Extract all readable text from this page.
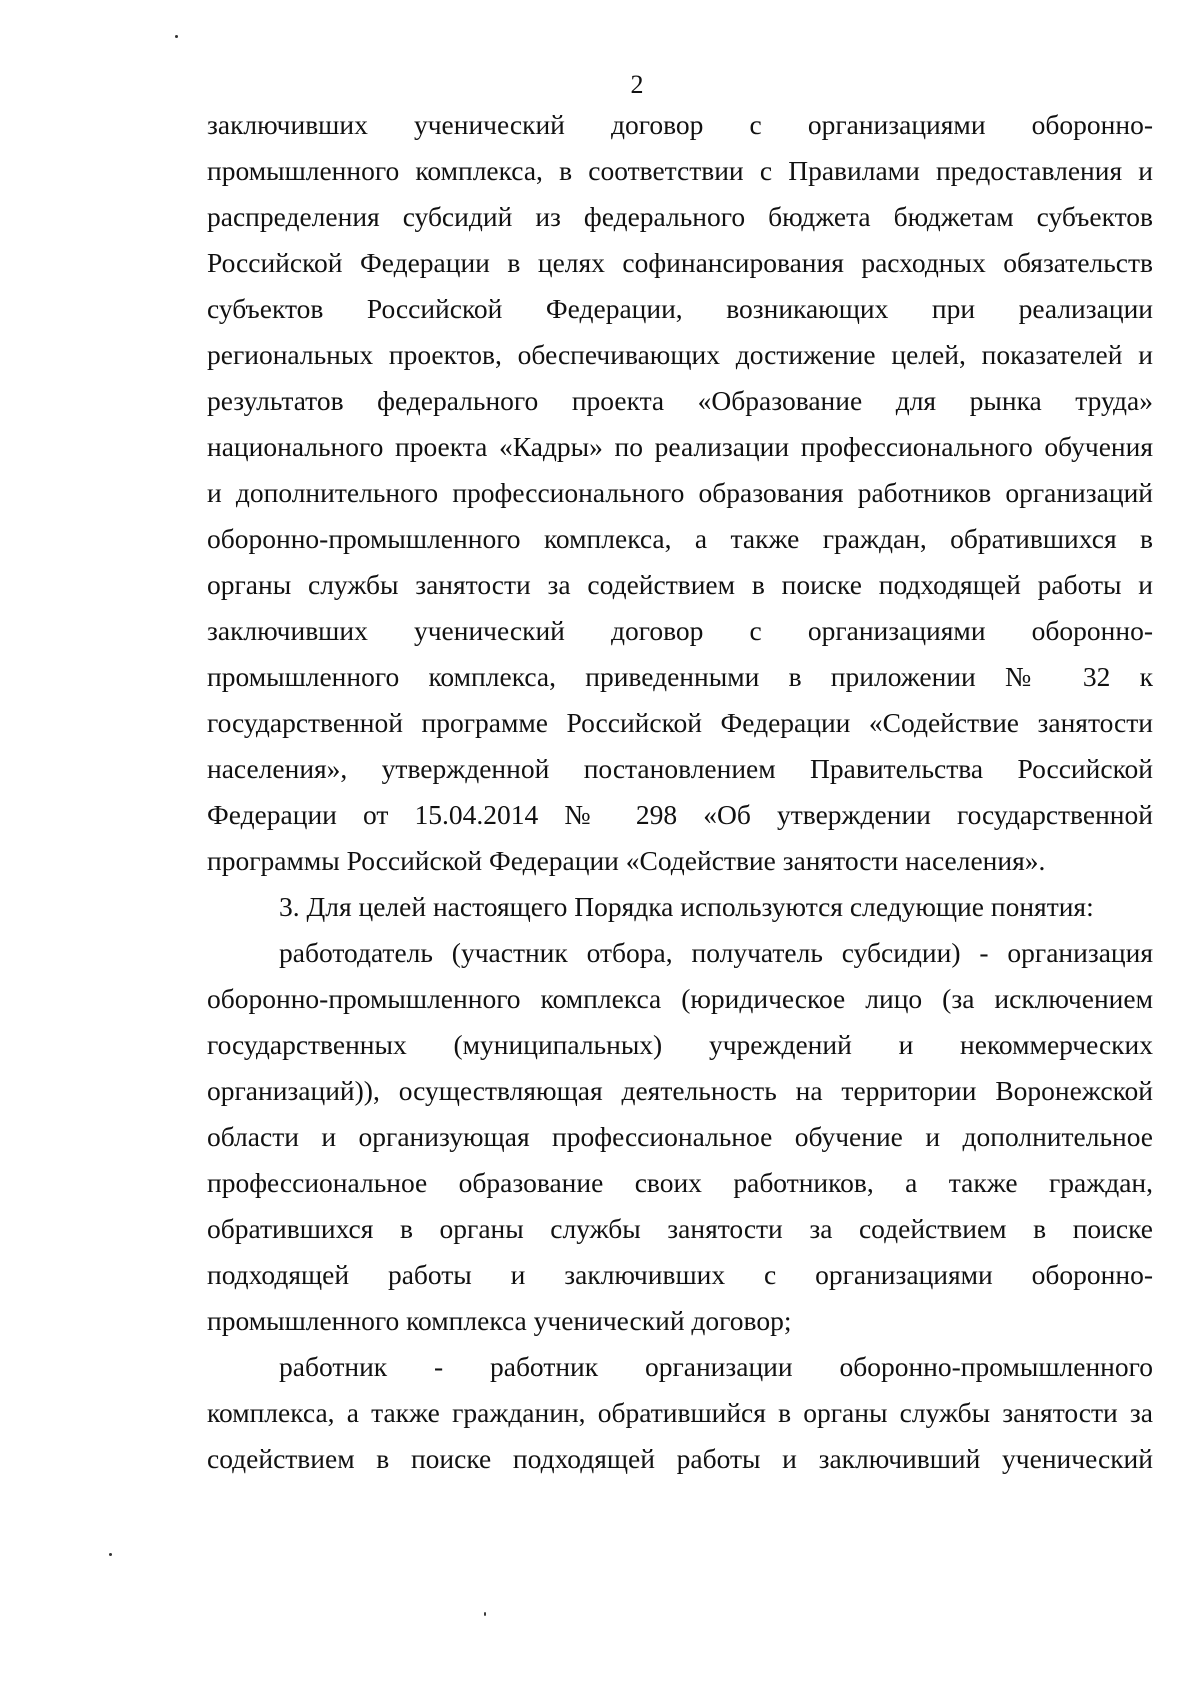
2
заключивших ученический договор с организациями оборонно-
промышленного комплекса, в соответствии с Правилами предоставления и
распределения субсидий из федерального бюджета бюджетам субъектов
Российской Федерации в целях софинансирования расходных обязательств
субъектов Российской Федерации, возникающих при реализации
региональных проектов, обеспечивающих достижение целей, показателей и
результатов федерального проекта «Образование для рынка труда»
национального проекта «Кадры» по реализации профессионального обучения
и дополнительного профессионального образования работников организаций
оборонно-промышленного комплекса, а также граждан, обратившихся в
органы службы занятости за содействием в поиске подходящей работы и
заключивших ученический договор с организациями оборонно-
промышленного комплекса, приведенными в приложении № 32 к
государственной программе Российской Федерации «Содействие занятости
населения», утвержденной постановлением Правительства Российской
Федерации от 15.04.2014 № 298 «Об утверждении государственной
программы Российской Федерации «Содействие занятости населения».
3. Для целей настоящего Порядка используются следующие понятия:
работодатель (участник отбора, получатель субсидии) - организация
оборонно-промышленного комплекса (юридическое лицо (за исключением
государственных (муниципальных) учреждений и некоммерческих
организаций)), осуществляющая деятельность на территории Воронежской
области и организующая профессиональное обучение и дополнительное
профессиональное образование своих работников, а также граждан,
обратившихся в органы службы занятости за содействием в поиске
подходящей работы и заключивших с организациями оборонно-
промышленного комплекса ученический договор;
работник - работник организации оборонно-промышленного
комплекса, а также гражданин, обратившийся в органы службы занятости за
содействием в поиске подходящей работы и заключивший ученический
